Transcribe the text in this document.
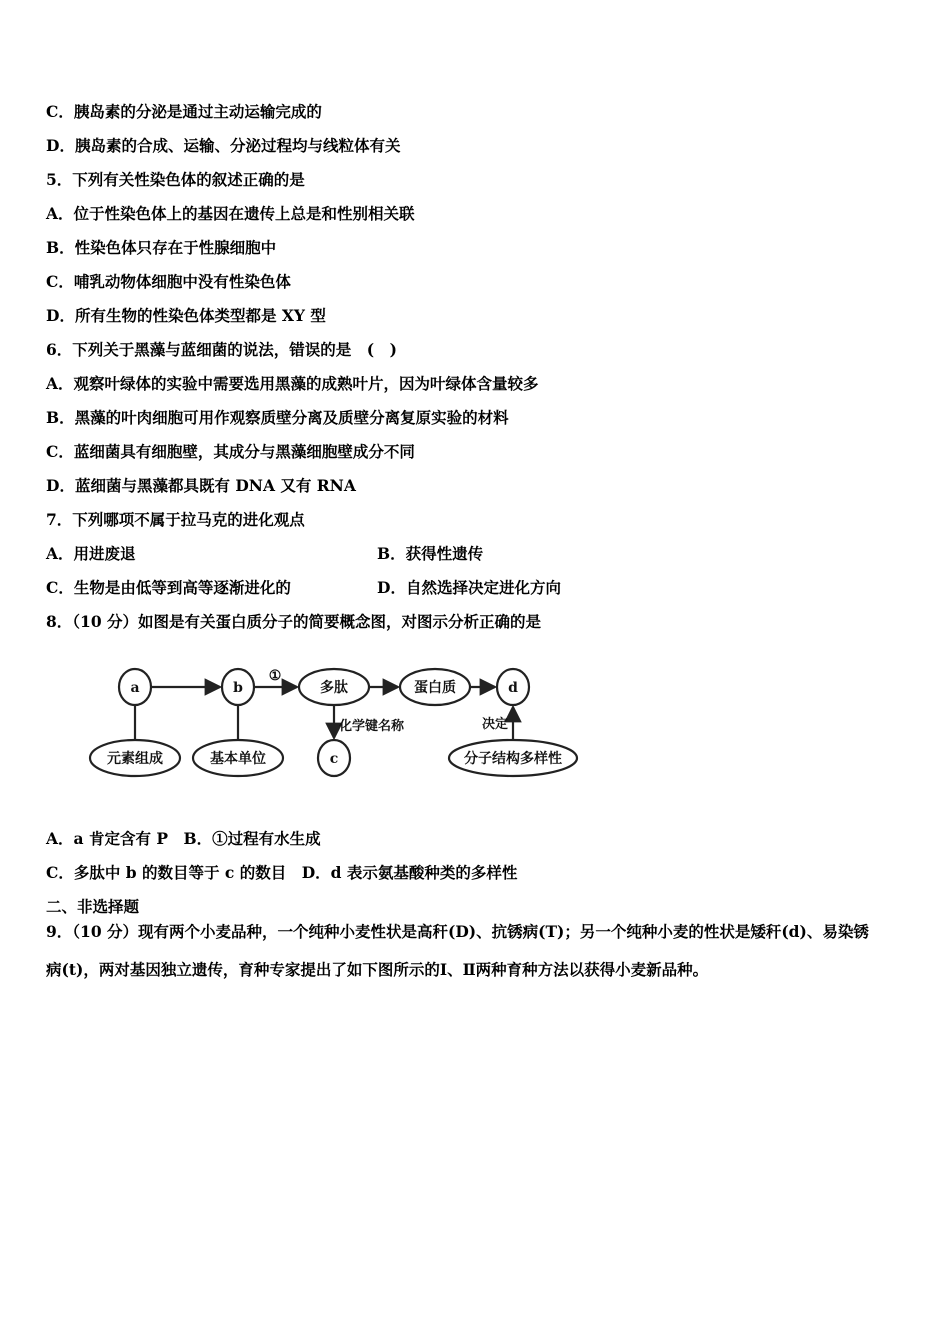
C．胰岛素的分泌是通过主动运输完成的
D．胰岛素的合成、运输、分泌过程均与线粒体有关
5．下列有关性染色体的叙述正确的是
A．位于性染色体上的基因在遗传上总是和性别相关联
B．性染色体只存在于性腺细胞中
C．哺乳动物体细胞中没有性染色体
D．所有生物的性染色体类型都是 XY 型
6．下列关于黑藻与蓝细菌的说法，错误的是　(　)
A．观察叶绿体的实验中需要选用黑藻的成熟叶片，因为叶绿体含量较多
B．黑藻的叶肉细胞可用作观察质壁分离及质壁分离复原实验的材料
C．蓝细菌具有细胞壁，其成分与黑藻细胞壁成分不同
D．蓝细菌与黑藻都具既有 DNA 又有 RNA
7．下列哪项不属于拉马克的进化观点
A．用进废退	B．获得性遗传
C．生物是由低等到高等逐渐进化的	D．自然选择决定进化方向
8．（10 分）如图是有关蛋白质分子的简要概念图，对图示分析正确的是
a	b	多肽	蛋白质	d
元素组成	基本单位	c	分子结构多样性
①
化学键名称	决定
A．a 肯定含有 P　B．①过程有水生成
C．多肽中 b 的数目等于 c 的数目　D．d 表示氨基酸种类的多样性
二、非选择题
9．（10 分）现有两个小麦品种，一个纯种小麦性状是高秆(D)、抗锈病(T)；另一个纯种小麦的性状是矮秆(d)、易染锈
病(t)，两对基因独立遗传，育种专家提出了如下图所示的Ⅰ、Ⅱ两种育种方法以获得小麦新品种。
